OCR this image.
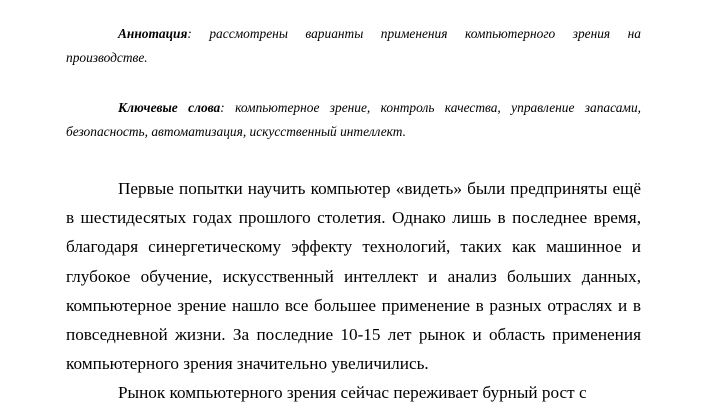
Аннотация: рассмотрены варианты применения компьютерного зрения на производстве.

Ключевые слова: компьютерное зрение, контроль качества, управление запасами, безопасность, автоматизация, искусственный интеллект.

Первые попытки научить компьютер «видеть» были предприняты ещё в шестидесятых годах прошлого столетия. Однако лишь в последнее время, благодаря синергетическому эффекту технологий, таких как машинное и глубокое обучение, искусственный интеллект и анализ больших данных, компьютерное зрение нашло все большее применение в разных отраслях и в повседневной жизни. За последние 10-15 лет рынок и область применения компьютерного зрения значительно увеличились.

Рынок компьютерного зрения сейчас переживает бурный рост с
